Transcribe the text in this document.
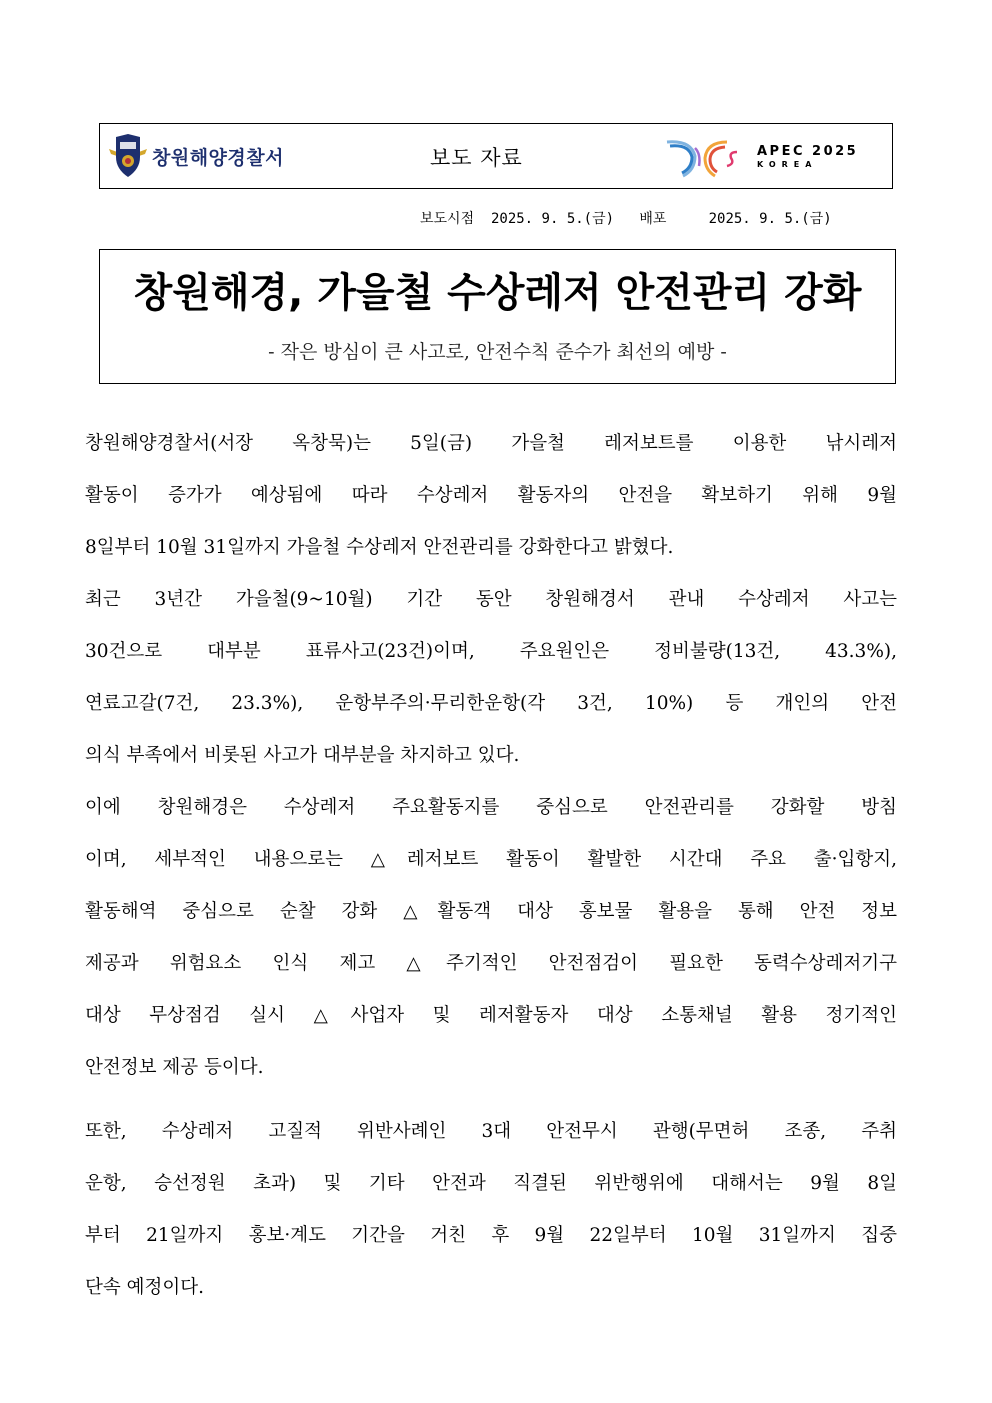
창원해양경찰서	보도 자료	APEC 2025
KOREA
보도시점 2025. 9. 5.(금) 배포	2025. 9. 5.(금)
창원해경, 가을철 수상레저 안전관리 강화
- 작은 방심이 큰 사고로, 안전수칙 준수가 최선의 예방 -
창원해양경찰서(서장 옥창묵)는 5일(금) 가을철 레저보트를 이용한 낚시레저
활동이 증가가 예상됨에 따라 수상레저 활동자의 안전을 확보하기 위해 9월
8일부터 10월 31일까지 가을철 수상레저 안전관리를 강화한다고 밝혔다.
최근 3년간 가을철(9~10월) 기간 동안 창원해경서 관내 수상레저 사고는
30건으로 대부분 표류사고(23건)이며, 주요원인은 정비불량(13건, 43.3%),
연료고갈(7건, 23.3%), 운항부주의·무리한운항(각 3건, 10%) 등 개인의 안전
의식 부족에서 비롯된 사고가 대부분을 차지하고 있다.
이에 창원해경은 수상레저 주요활동지를 중심으로 안전관리를 강화할 방침
이며, 세부적인 내용으로는 △레저보트 활동이 활발한 시간대 주요 출·입항지,
활동해역 중심으로 순찰 강화 △활동객 대상 홍보물 활용을 통해 안전 정보
제공과 위험요소 인식 제고 △주기적인 안전점검이 필요한 동력수상레저기구
대상 무상점검 실시 △사업자 및 레저활동자 대상 소통채널 활용 정기적인
안전정보 제공 등이다.
또한, 수상레저 고질적 위반사례인 3대 안전무시 관행(무면허 조종, 주취
운항, 승선정원 초과) 및 기타 안전과 직결된 위반행위에 대해서는 9월 8일
부터 21일까지 홍보·계도 기간을 거친 후 9월 22일부터 10월 31일까지 집중
단속 예정이다.
